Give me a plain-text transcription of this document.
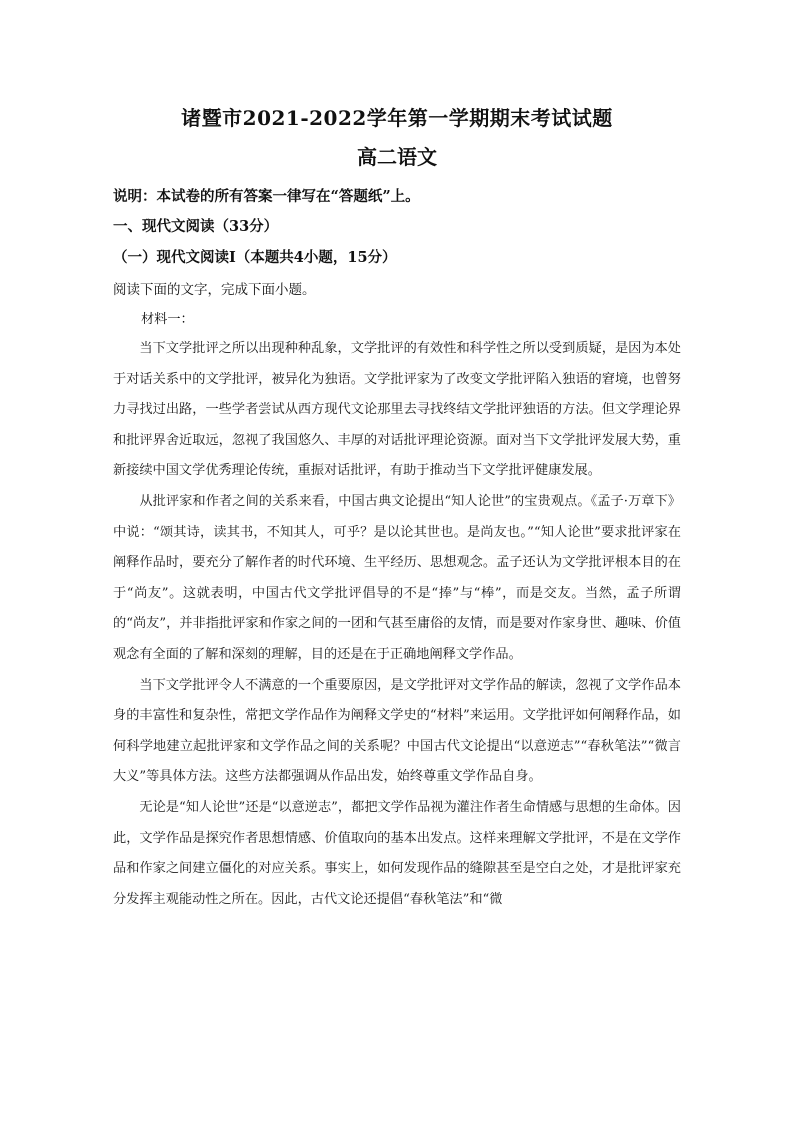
诸暨市2021-2022学年第一学期期末考试试题
高二语文
说明：本试卷的所有答案一律写在“答题纸”上。
一、现代文阅读（33分）
（一）现代文阅读Ⅰ（本题共4小题，15分）
阅读下面的文字，完成下面小题。
材料一：

当下文学批评之所以出现种种乱象，文学批评的有效性和科学性之所以受到质疑，是因为本处于对话关系中的文学批评，被异化为独语。文学批评家为了改变文学批评陷入独语的窘境，也曾努力寻找过出路，一些学者尝试从西方现代文论那里去寻找终结文学批评独语的方法。但文学理论界和批评界舍近取远，忽视了我国悠久、丰厚的对话批评理论资源。面对当下文学批评发展大势，重新接续中国文学优秀理论传统，重振对话批评，有助于推动当下文学批评健康发展。

从批评家和作者之间的关系来看，中国古典文论提出“知人论世”的宝贵观点。《孟子·万章下》中说：“颂其诗，读其书，不知其人，可乎？是以论其世也。是尚友也。”“知人论世”要求批评家在阐释作品时，要充分了解作者的时代环境、生平经历、思想观念。孟子还认为文学批评根本目的在于“尚友”。这就表明，中国古代文学批评倡导的不是“捧”与“棒”，而是交友。当然，孟子所谓的“尚友”，并非指批评家和作家之间的一团和气甚至庸俗的友情，而是要对作家身世、趣味、价值观念有全面的了解和深刻的理解，目的还是在于正确地阐释文学作品。

当下文学批评令人不满意的一个重要原因，是文学批评对文学作品的解读，忽视了文学作品本身的丰富性和复杂性，常把文学作品作为阐释文学史的“材料”来运用。文学批评如何阐释作品，如何科学地建立起批评家和文学作品之间的关系呢？中国古代文论提出“以意逆志”“春秋笔法”“微言大义”等具体方法。这些方法都强调从作品出发，始终尊重文学作品自身。

无论是“知人论世”还是“以意逆志”，都把文学作品视为灌注作者生命情感与思想的生命体。因此，文学作品是探究作者思想情感、价值取向的基本出发点。这样来理解文学批评，不是在文学作品和作家之间建立僵化的对应关系。事实上，如何发现作品的缝隙甚至是空白之处，才是批评家充分发挥主观能动性之所在。因此，古代文论还提倡“春秋笔法”和“微
